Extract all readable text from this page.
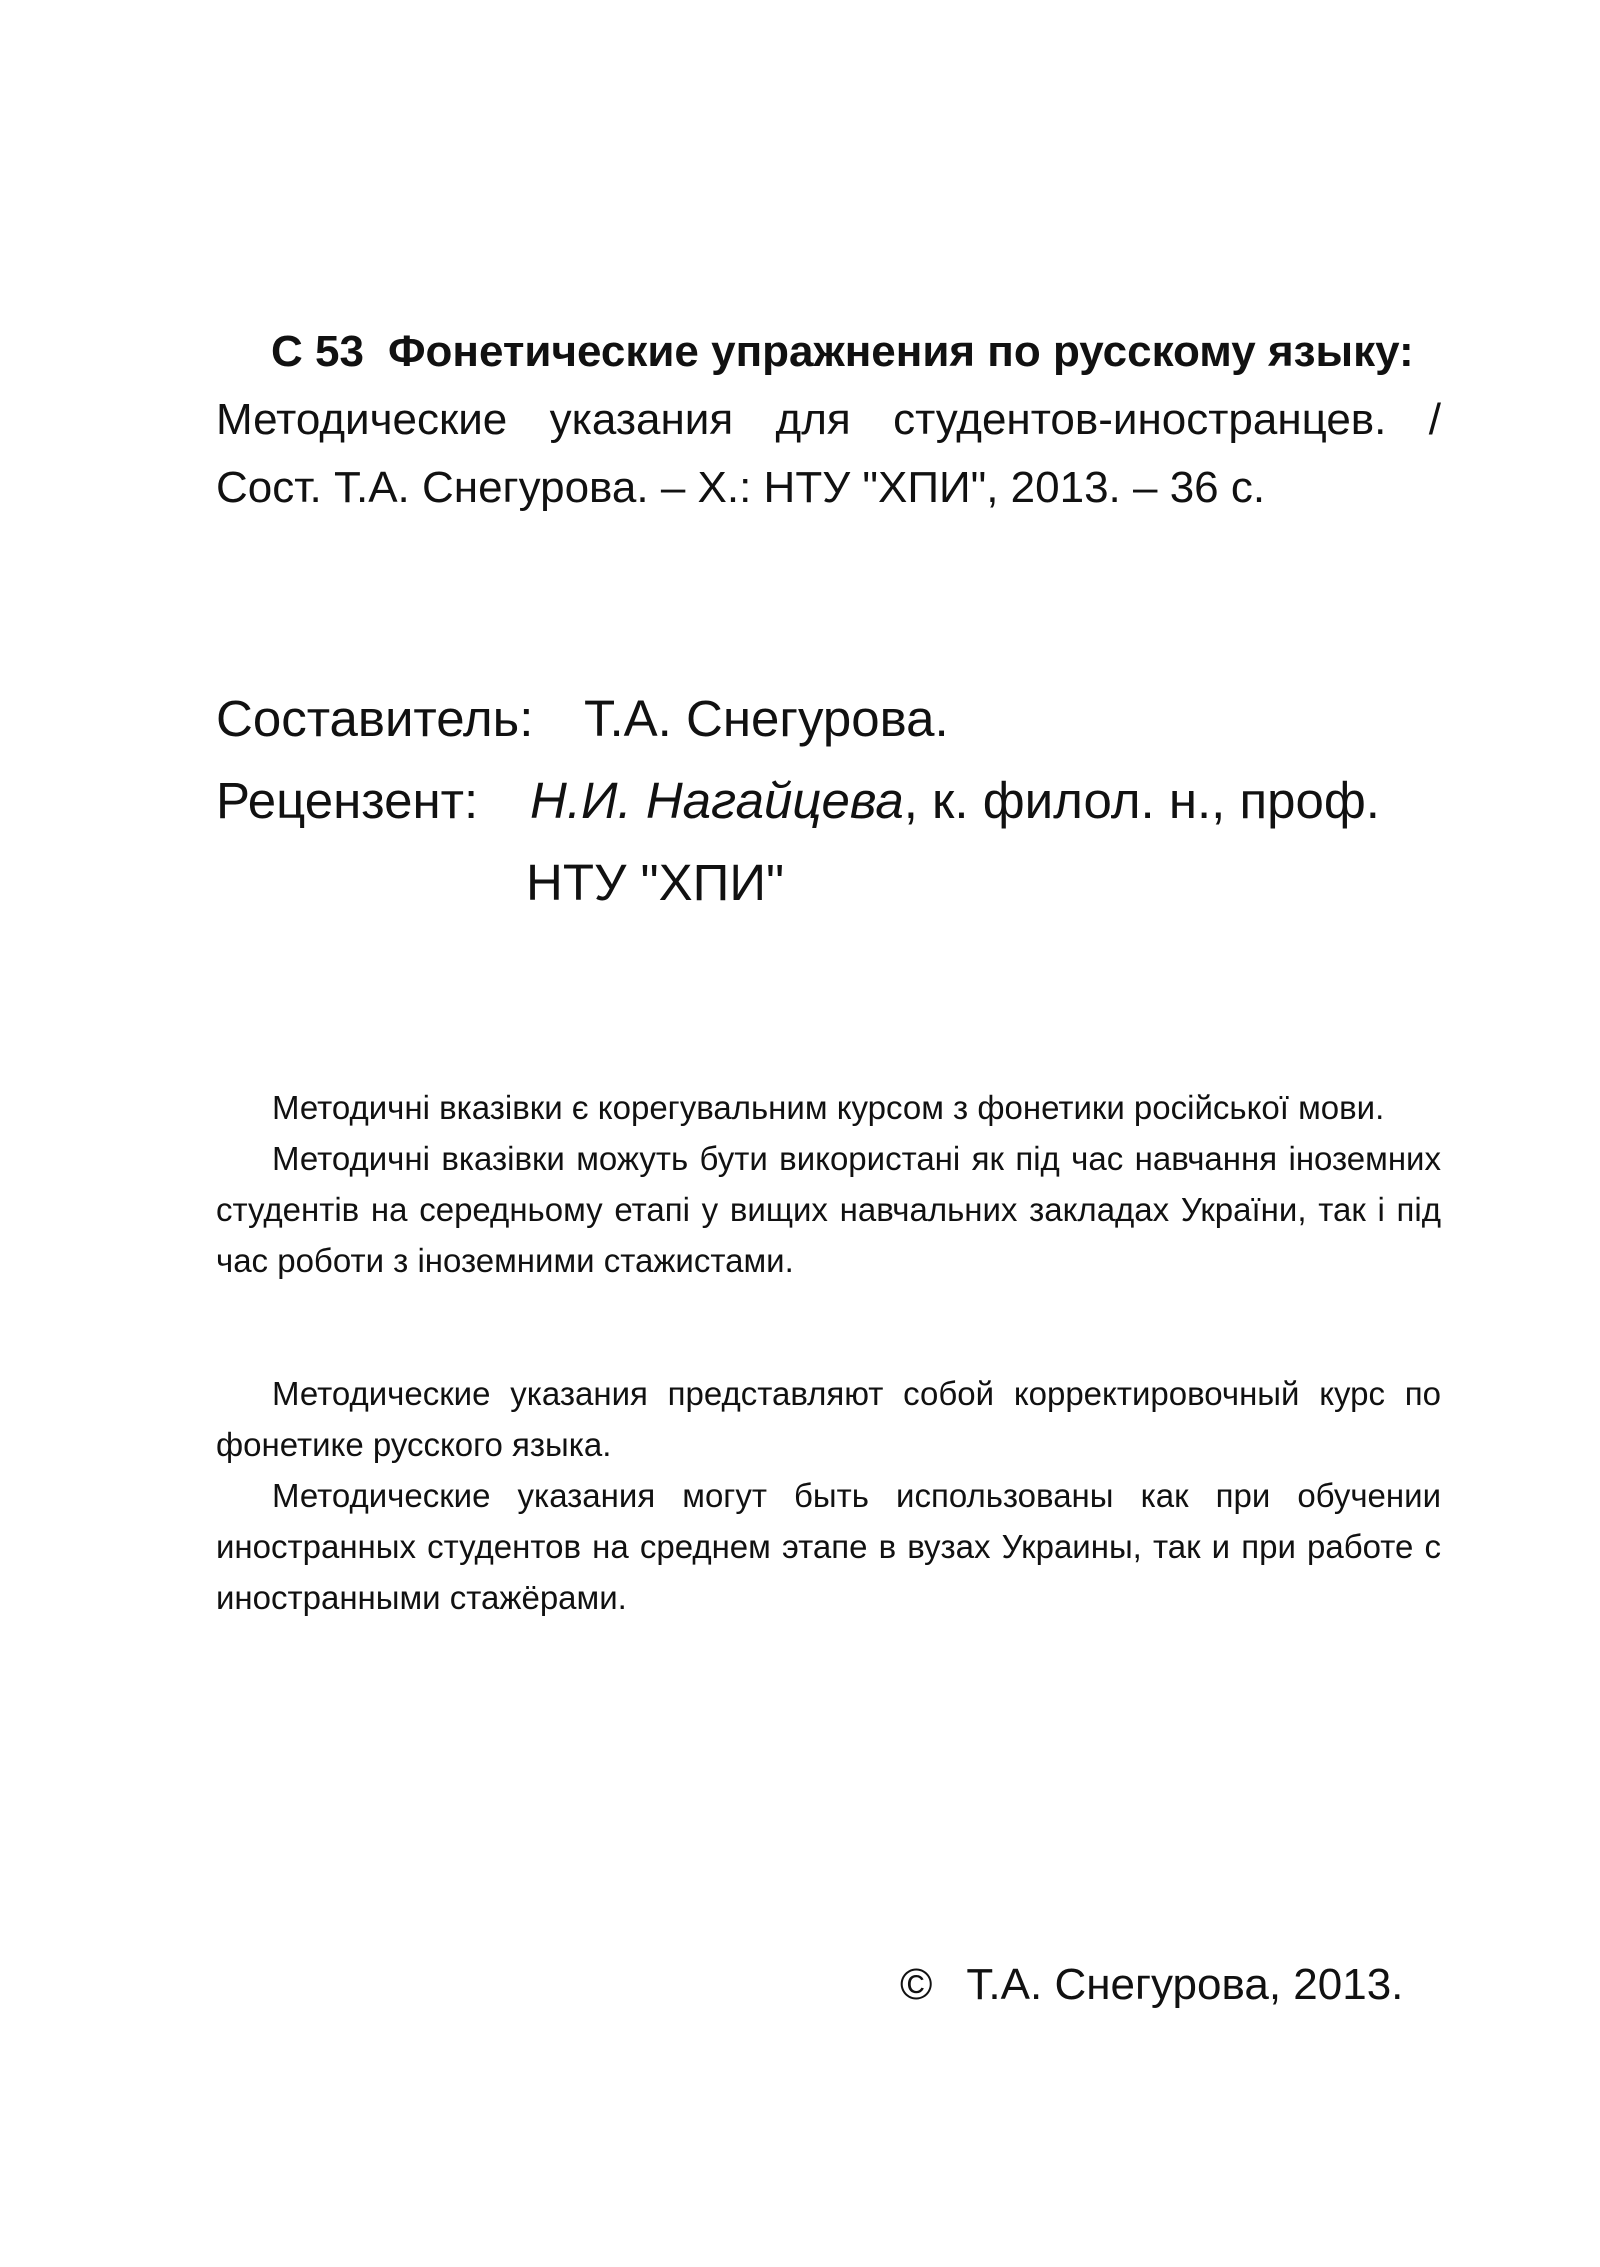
С 53 Фонетические упражнения по русскому языку:
Методические указания для студентов-иностранцев. /
Сост. Т.А. Снегурова. – Х.: НТУ "ХПИ", 2013. – 36 с.
Составитель: Т.А. Снегурова.
Рецензент: Н.И. Нагайцева, к. филол. н., проф.
НТУ "ХПИ"

Методичні вказівки є корегувальним курсом з фонетики російської мови.

Методичні вказівки можуть бути використані як під час навчання іноземних студентів на середньому етапі у вищих навчальних закладах України, так і під час роботи з іноземними стажистами.

Методические указания представляют собой корректировочный курс по фонетике русского языка.

Методические указания могут быть использованы как при обучении иностранных студентов на среднем этапе в вузах Украины, так и при работе с иностранными стажёрами.

© Т.А. Снегурова, 2013.
